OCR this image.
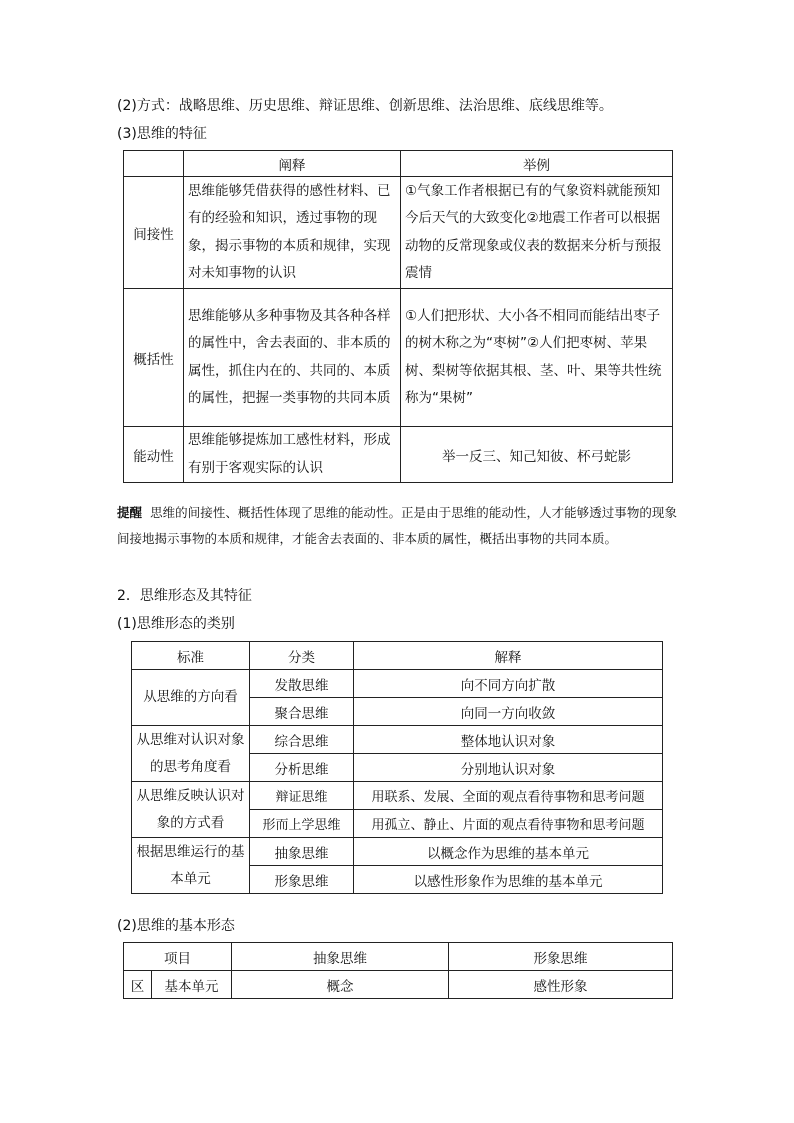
(2)方式：战略思维、历史思维、辩证思维、创新思维、法治思维、底线思维等。
(3)思维的特征
	阐释	举例
间接性	思维能够凭借获得的感性材料、已有的经验和知识，透过事物的现象，揭示事物的本质和规律，实现对未知事物的认识	①气象工作者根据已有的气象资料就能预知今后天气的大致变化②地震工作者可以根据动物的反常现象或仪表的数据来分析与预报震情
概括性	思维能够从多种事物及其各种各样的属性中，舍去表面的、非本质的属性，抓住内在的、共同的、本质的属性，把握一类事物的共同本质	①人们把形状、大小各不相同而能结出枣子的树木称之为“枣树”②人们把枣树、苹果树、梨树等依据其根、茎、叶、果等共性统称为“果树”
能动性	思维能够提炼加工感性材料，形成有别于客观实际的认识	举一反三、知己知彼、杯弓蛇影
提醒 思维的间接性、概括性体现了思维的能动性。正是由于思维的能动性，人才能够透过事物的现象间接地揭示事物的本质和规律，才能舍去表面的、非本质的属性，概括出事物的共同本质。
2．思维形态及其特征
(1)思维形态的类别
标准	分类	解释
从思维的方向看	发散思维	向不同方向扩散
	聚合思维	向同一方向收敛
从思维对认识对象的思考角度看	综合思维	整体地认识对象
	分析思维	分别地认识对象
从思维反映认识对象的方式看	辩证思维	用联系、发展、全面的观点看待事物和思考问题
	形而上学思维	用孤立、静止、片面的观点看待事物和思考问题
根据思维运行的基本单元	抽象思维	以概念作为思维的基本单元
	形象思维	以感性形象作为思维的基本单元
(2)思维的基本形态
项目		抽象思维	形象思维
区	基本单元	概念	感性形象
